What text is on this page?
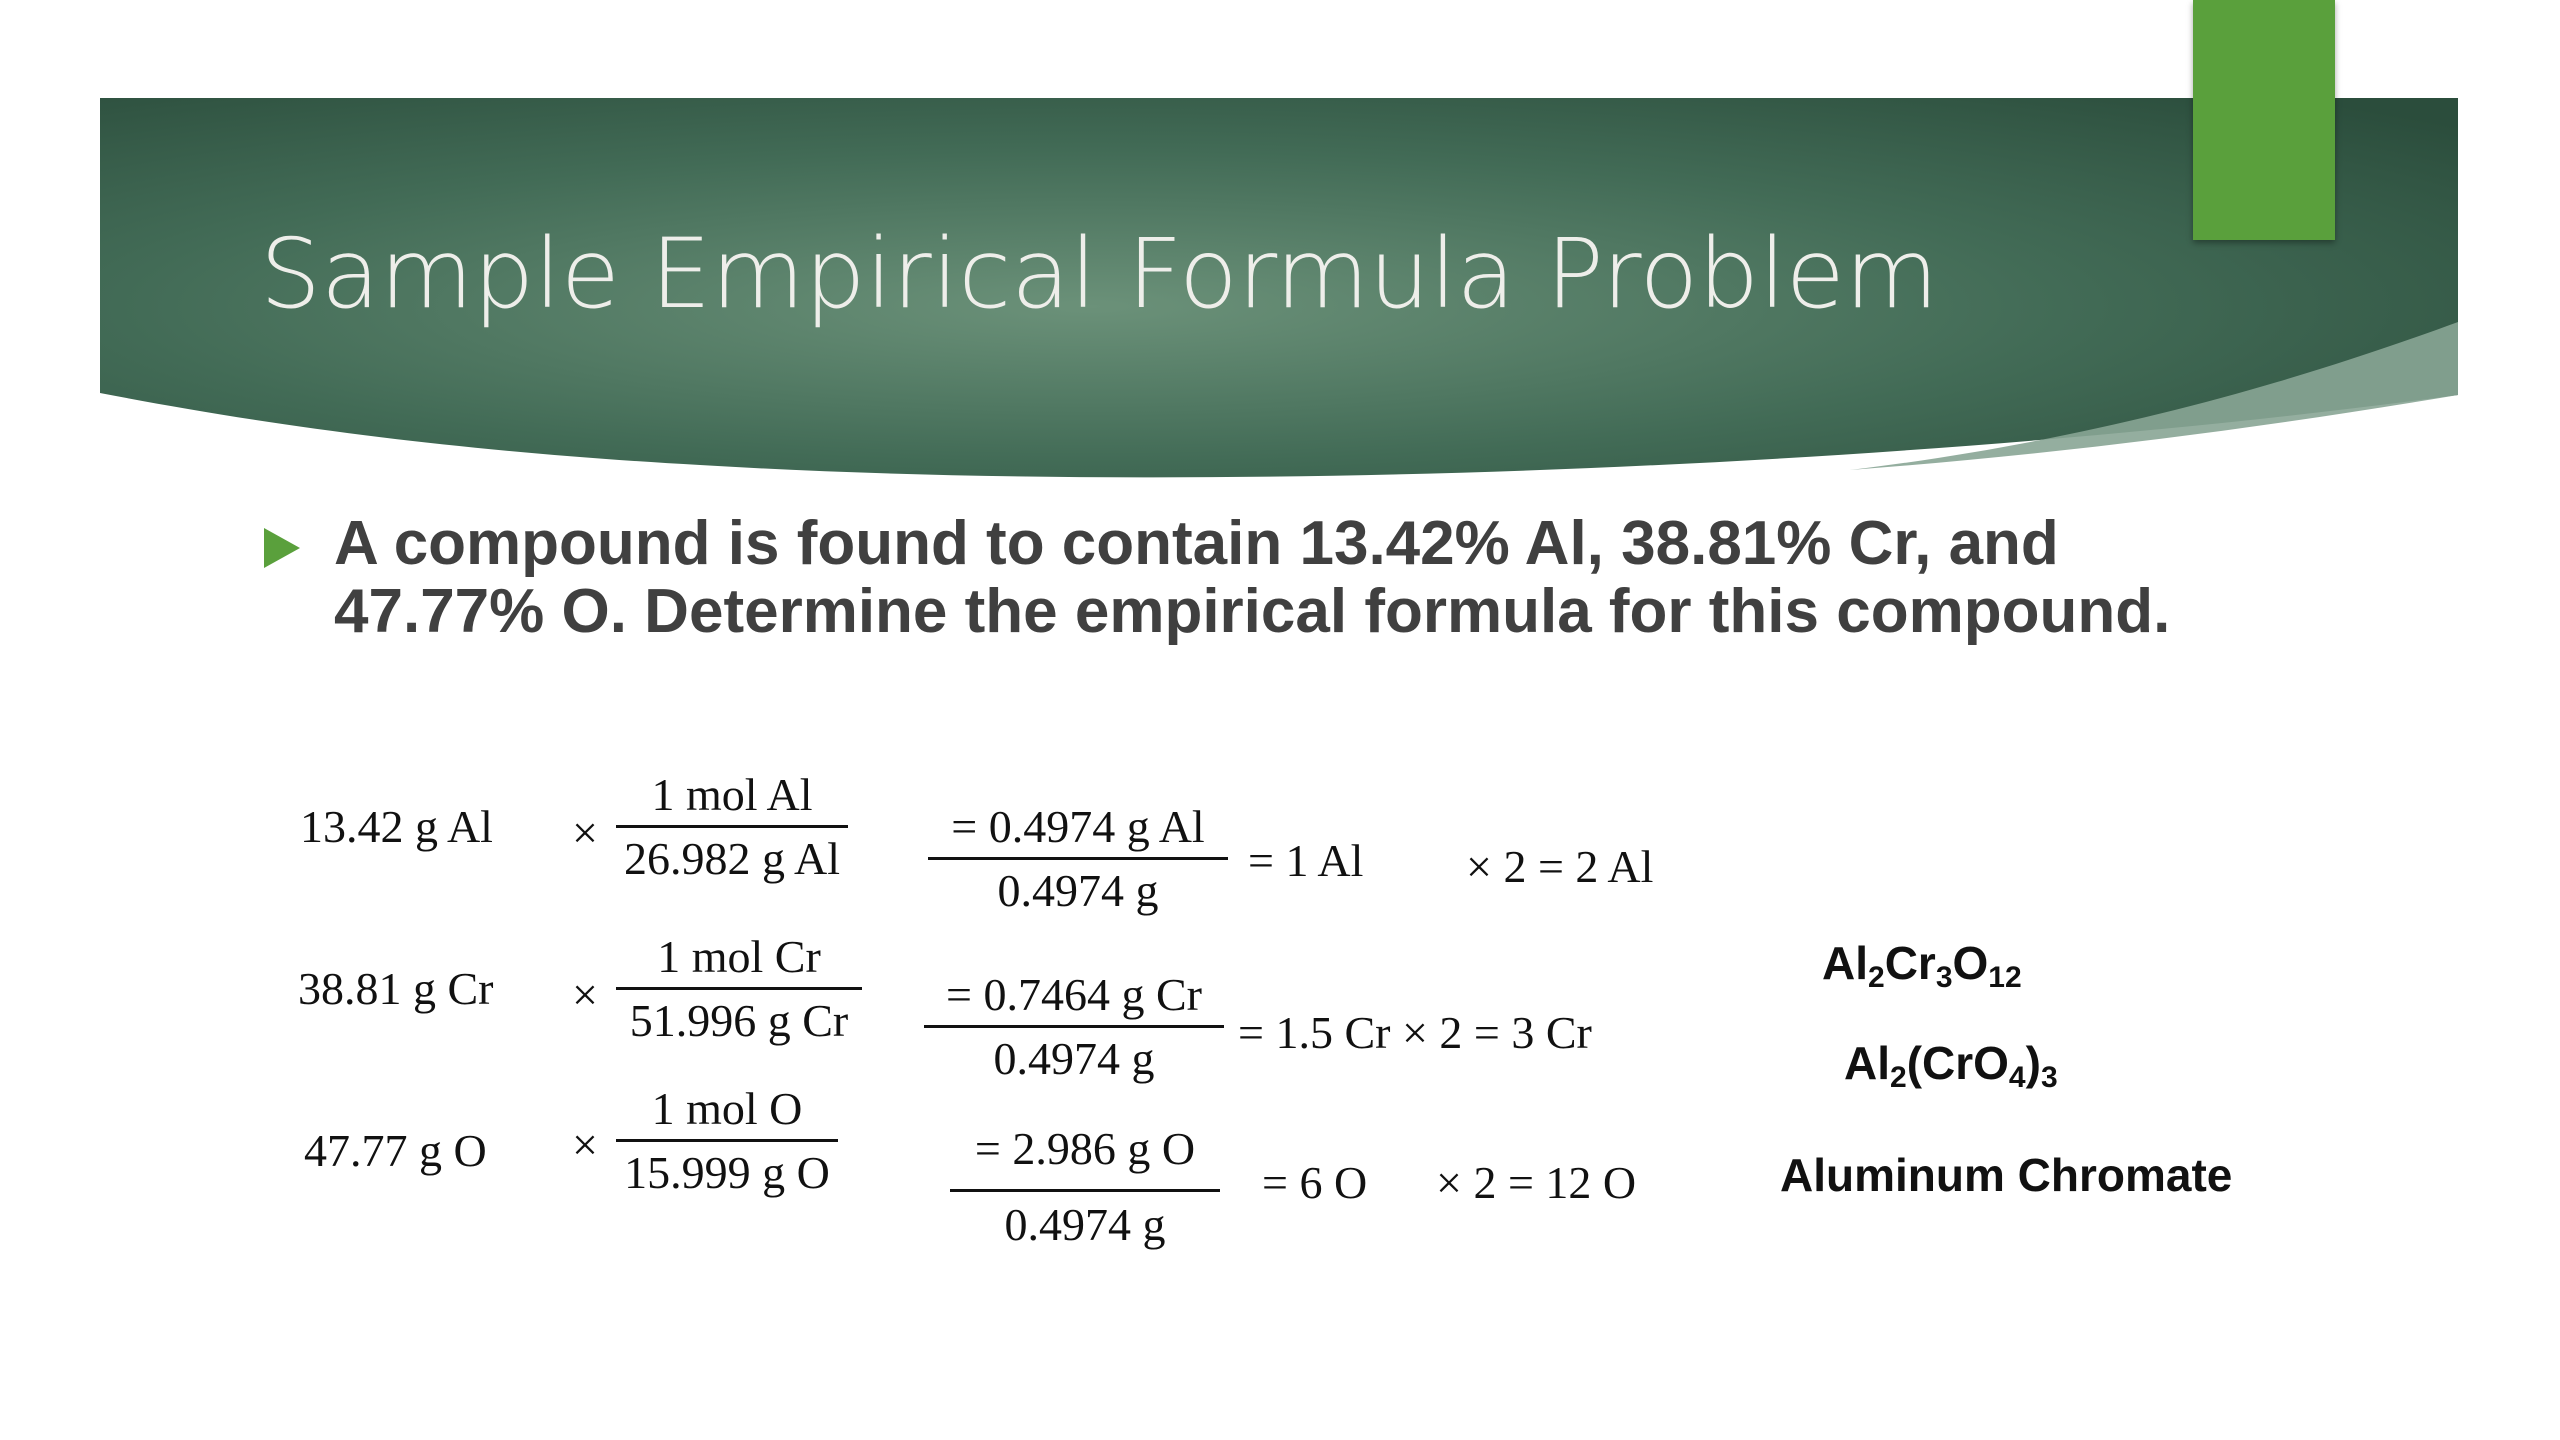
Sample Empirical Formula Problem

A compound is found to contain 13.42% Al, 38.81% Cr, and 47.77% O. Determine the empirical formula for this compound.

13.42 g Al ×
1 mol Al
26.982 g Al $\frac{\text{= 0.4974 g Al}}{0.4974 g} = 1$ Al × 2 = 2 Al
38.81 g Cr ×
1 mol Cr
51.996 g Cr $\frac{\text{= 0.7464 g Cr}}{0.4974 g} = 1.5$ Cr × 2 = 3 Cr
47.77 g O ×
1 mol O
15.999 g O	$\frac{\text{= 2.986 g O}}{0.4974 g} = 6$ O × 2 = 12 O
$Al_2Cr_3O_{12}$
$Al_2(CrO_4)_3$
Aluminum Chromate
